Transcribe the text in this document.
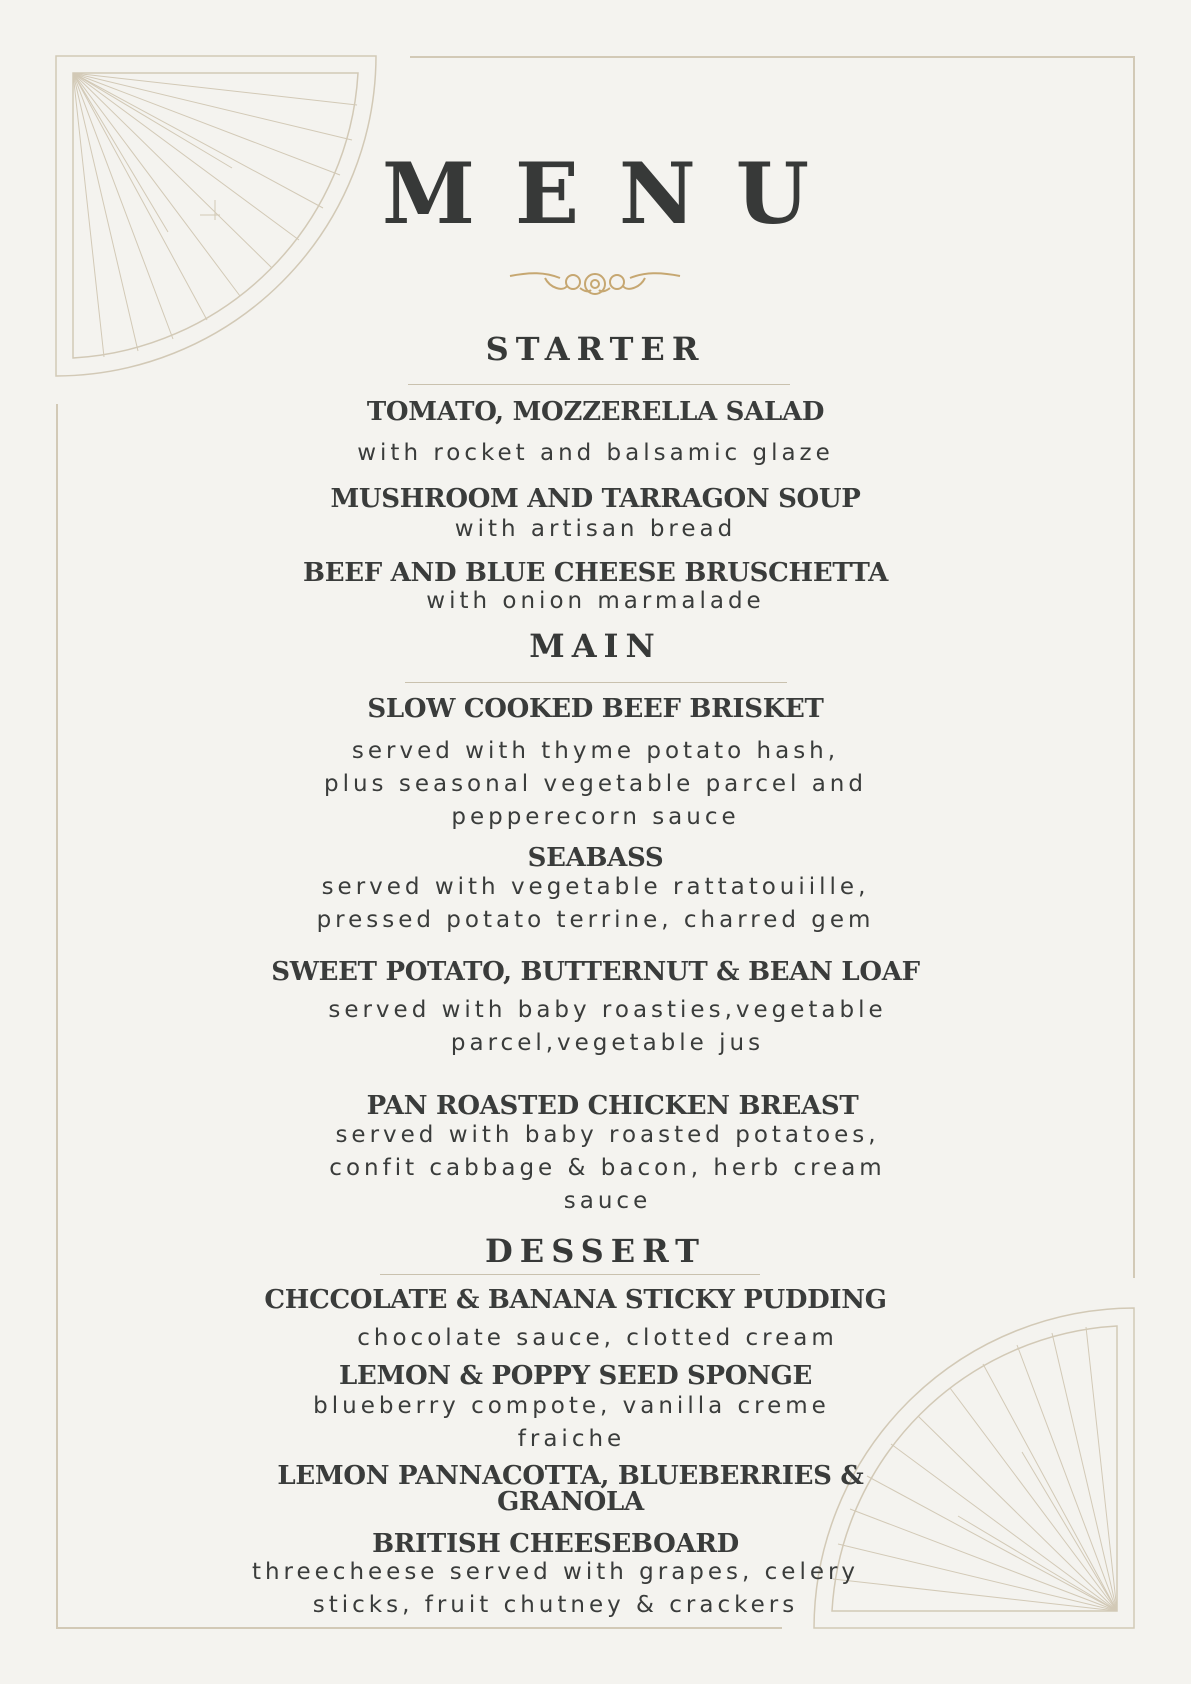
MENU
STARTER
TOMATO, MOZZERELLA SALAD
with rocket and balsamic glaze
MUSHROOM AND TARRAGON SOUP
with artisan bread
BEEF AND BLUE CHEESE BRUSCHETTA
with onion marmalade
MAIN
SLOW COOKED BEEF BRISKET
served with thyme potato hash,
plus seasonal vegetable parcel and
pepperecorn sauce
SEABASS
served with vegetable rattatouiille,
pressed potato terrine, charred gem
SWEET POTATO, BUTTERNUT & BEAN LOAF
served with baby roasties,vegetable
parcel,vegetable jus
PAN ROASTED CHICKEN BREAST
served with baby roasted potatoes,
confit cabbage & bacon, herb cream
sauce
DESSERT
CHCCOLATE & BANANA STICKY PUDDING
chocolate sauce, clotted cream
LEMON & POPPY SEED SPONGE
blueberry compote, vanilla creme
fraiche
LEMON PANNACOTTA, BLUEBERRIES &
GRANOLA
BRITISH CHEESEBOARD
threecheese served with grapes, celery
sticks, fruit chutney & crackers
